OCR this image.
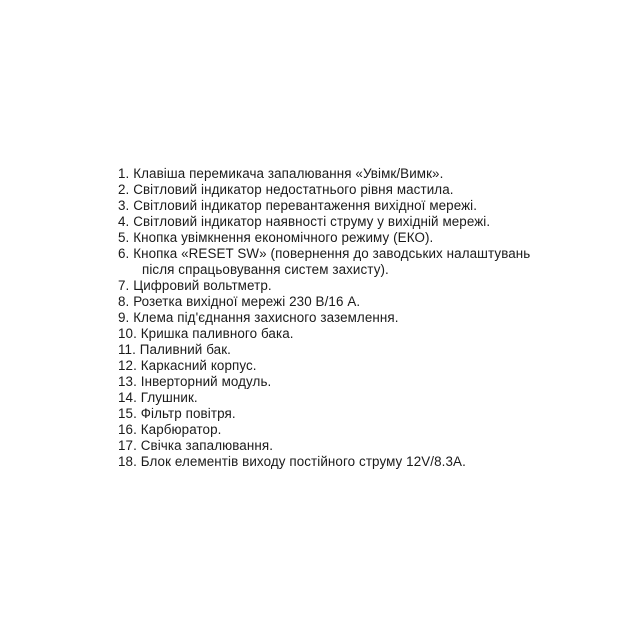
1. Клавіша перемикача запалювання «Увімк/Вимк».
2. Світловий індикатор недостатнього рівня мастила.
3. Світловий індикатор перевантаження вихідної мережі.
4. Світловий індикатор наявності струму у вихідній мережі.
5. Кнопка увімкнення економічного режиму (ЕКО).
6. Кнопка «RESET SW» (повернення до заводських налаштувань
після спрацьовування систем захисту).
7. Цифровий вольтметр.
8. Розетка вихідної мережі 230 В/16 А.
9. Клема під'єднання захисного заземлення.
10. Кришка паливного бака.
11. Паливний бак.
12. Каркасний корпус.
13. Інверторний модуль.
14. Глушник.
15. Фільтр повітря.
16. Карбюратор.
17. Свічка запалювання.
18. Блок елементів виходу постійного струму 12V/8.3A.
